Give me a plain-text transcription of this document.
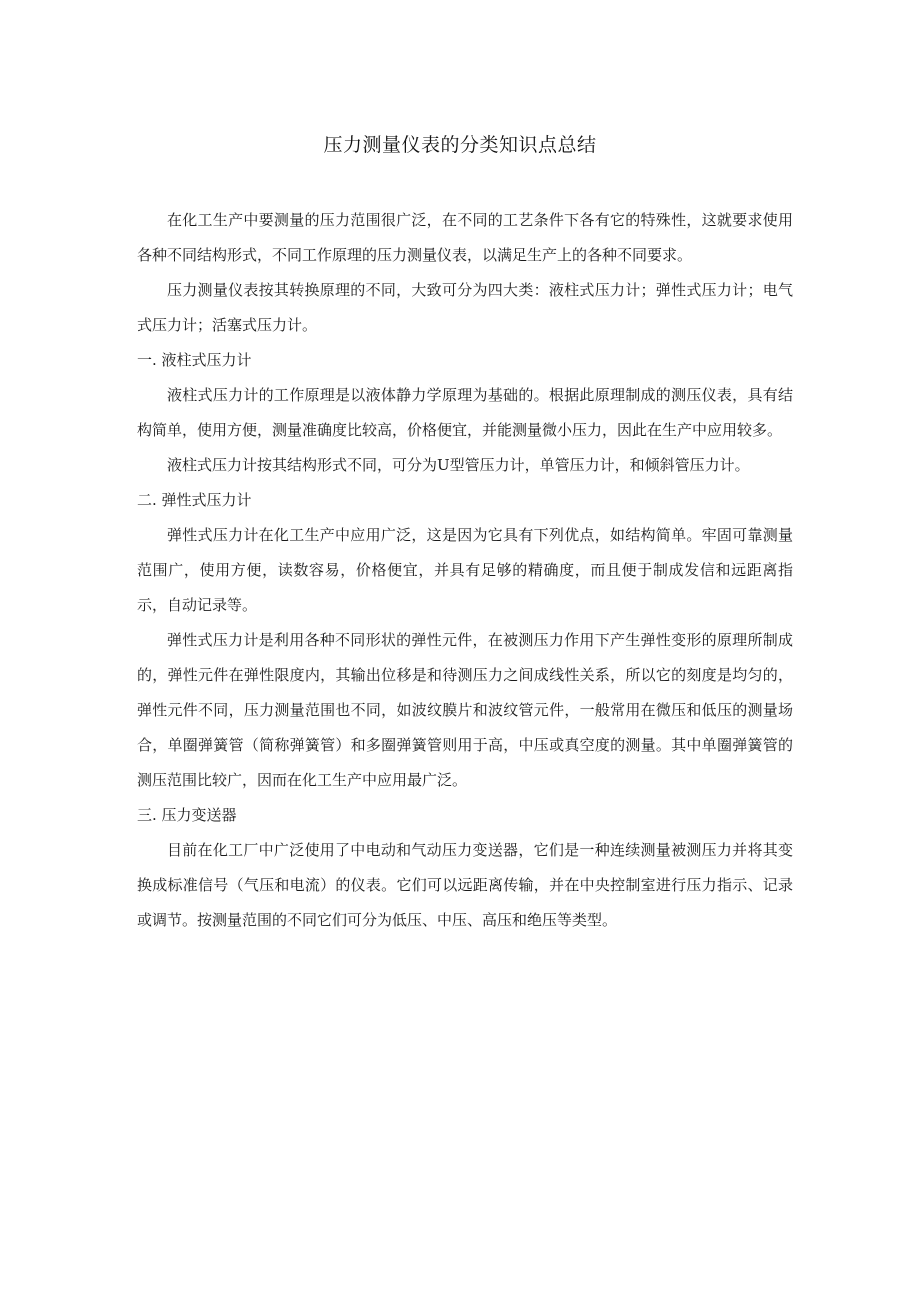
压力测量仪表的分类知识点总结

在化工生产中要测量的压力范围很广泛，在不同的工艺条件下各有它的特殊性，这就要求使用各种不同结构形式，不同工作原理的压力测量仪表，以满足生产上的各种不同要求。

压力测量仪表按其转换原理的不同，大致可分为四大类：液柱式压力计；弹性式压力计；电气式压力计；活塞式压力计。

一. 液柱式压力计

液柱式压力计的工作原理是以液体静力学原理为基础的。根据此原理制成的测压仪表，具有结构简单，使用方便，测量准确度比较高，价格便宜，并能测量微小压力，因此在生产中应用较多。

液柱式压力计按其结构形式不同，可分为U型管压力计，单管压力计，和倾斜管压力计。

二. 弹性式压力计

弹性式压力计在化工生产中应用广泛，这是因为它具有下列优点，如结构简单。牢固可靠测量范围广，使用方便，读数容易，价格便宜，并具有足够的精确度，而且便于制成发信和远距离指示，自动记录等。

弹性式压力计是利用各种不同形状的弹性元件，在被测压力作用下产生弹性变形的原理所制成的，弹性元件在弹性限度内，其输出位移是和待测压力之间成线性关系，所以它的刻度是均匀的，弹性元件不同，压力测量范围也不同，如波纹膜片和波纹管元件，一般常用在微压和低压的测量场合，单圈弹簧管（简称弹簧管）和多圈弹簧管则用于高，中压或真空度的测量。其中单圈弹簧管的测压范围比较广，因而在化工生产中应用最广泛。

三. 压力变送器

目前在化工厂中广泛使用了中电动和气动压力变送器，它们是一种连续测量被测压力并将其变换成标准信号（气压和电流）的仪表。它们可以远距离传输，并在中央控制室进行压力指示、记录或调节。按测量范围的不同它们可分为低压、中压、高压和绝压等类型。
